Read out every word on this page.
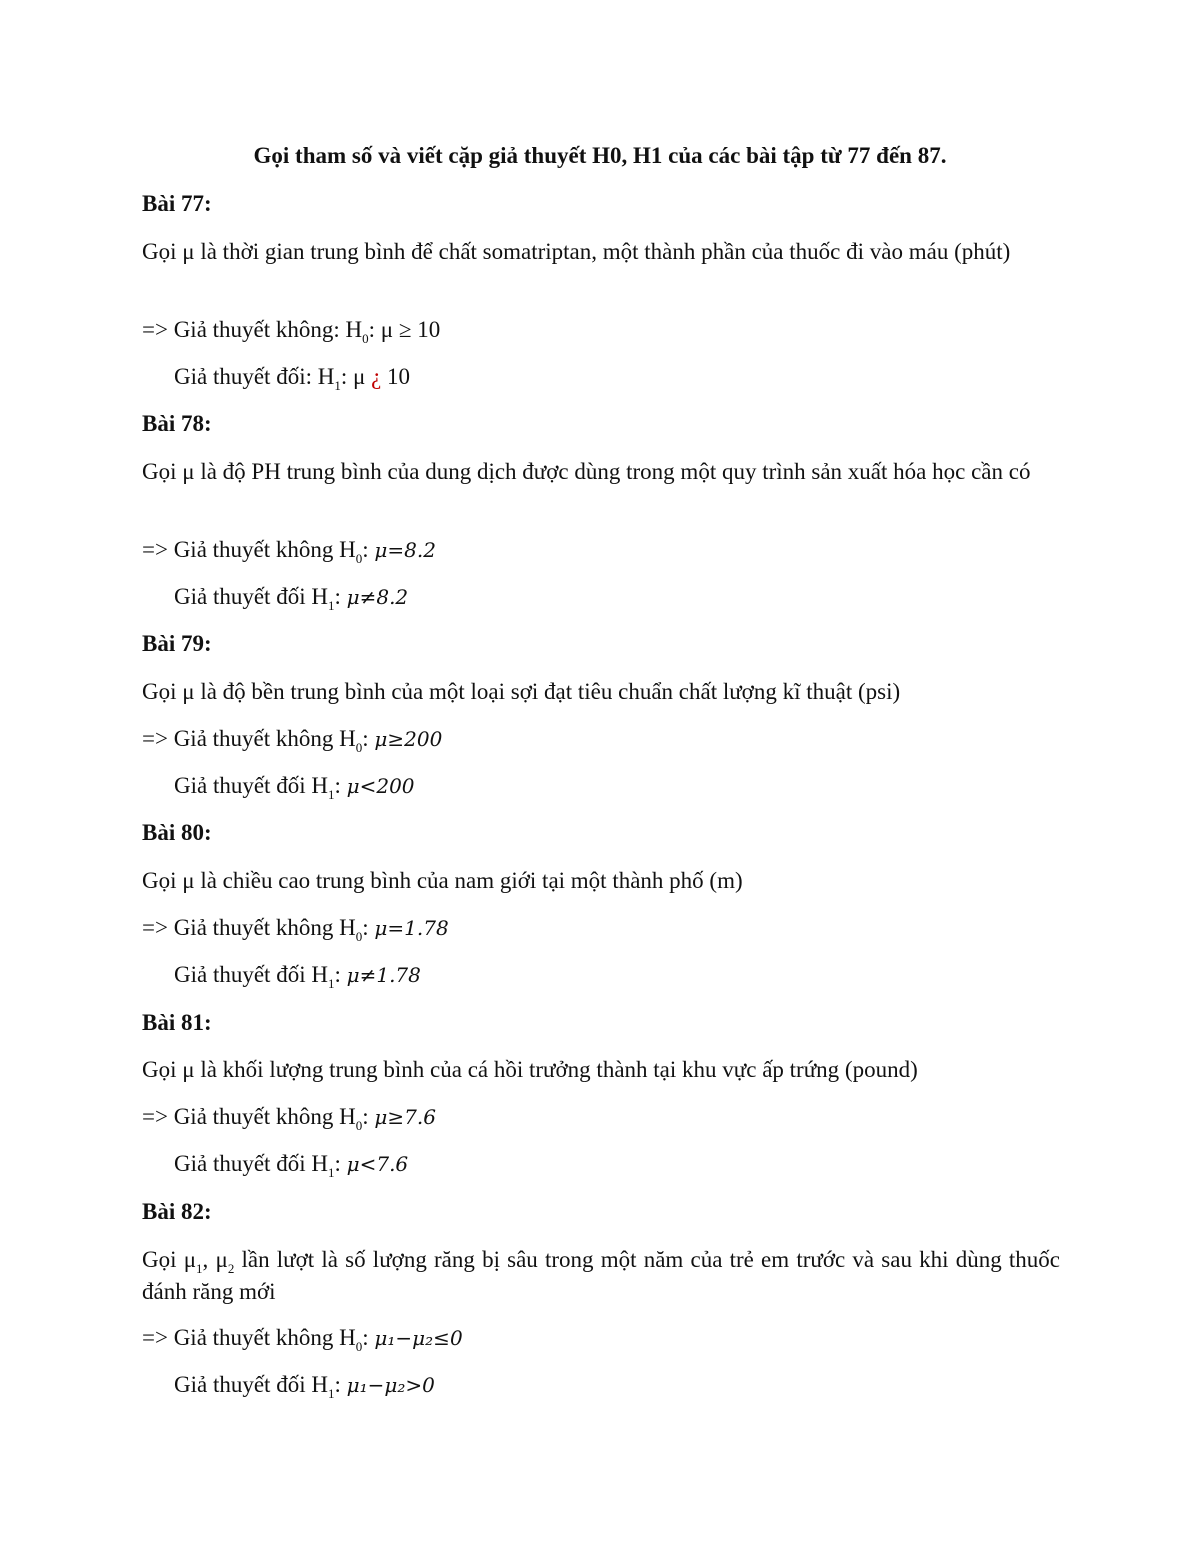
Gọi tham số và viết cặp giả thuyết H0, H1 của các bài tập từ 77 đến 87.
Bài 77:
Gọi μ là thời gian trung bình để chất somatriptan, một thành phần của thuốc đi vào máu (phút)
=> Giả thuyết không: $H_0$: μ ≥ 10
Giả thuyết đối: $H_1$: μ ¿ 10
Bài 78:
Gọi μ là độ PH trung bình của dung dịch được dùng trong một quy trình sản xuất hóa học cần có
=> Giả thuyết không $H_0$: μ=8.2
Giả thuyết đối $H_1$: μ≠8.2
Bài 79:
Gọi μ là độ bền trung bình của một loại sợi đạt tiêu chuẩn chất lượng kĩ thuật (psi)
=> Giả thuyết không $H_0$: μ≥200
Giả thuyết đối $H_1$: μ<200
Bài 80:
Gọi μ là chiều cao trung bình của nam giới tại một thành phố (m)
=> Giả thuyết không $H_0$: μ=1.78
Giả thuyết đối $H_1$: μ≠1.78
Bài 81:
Gọi μ là khối lượng trung bình của cá hồi trưởng thành tại khu vực ấp trứng (pound)
=> Giả thuyết không $H_0$: μ≥7.6
Giả thuyết đối $H_1$: μ<7.6
Bài 82:
Gọi $\mu_1$, $\mu_2$ lần lượt là số lượng răng bị sâu trong một năm của trẻ em trước và sau khi dùng thuốc đánh răng mới
=> Giả thuyết không $H_0$: μ₁−μ₂≤0
Giả thuyết đối $H_1$: μ₁−μ₂>0
